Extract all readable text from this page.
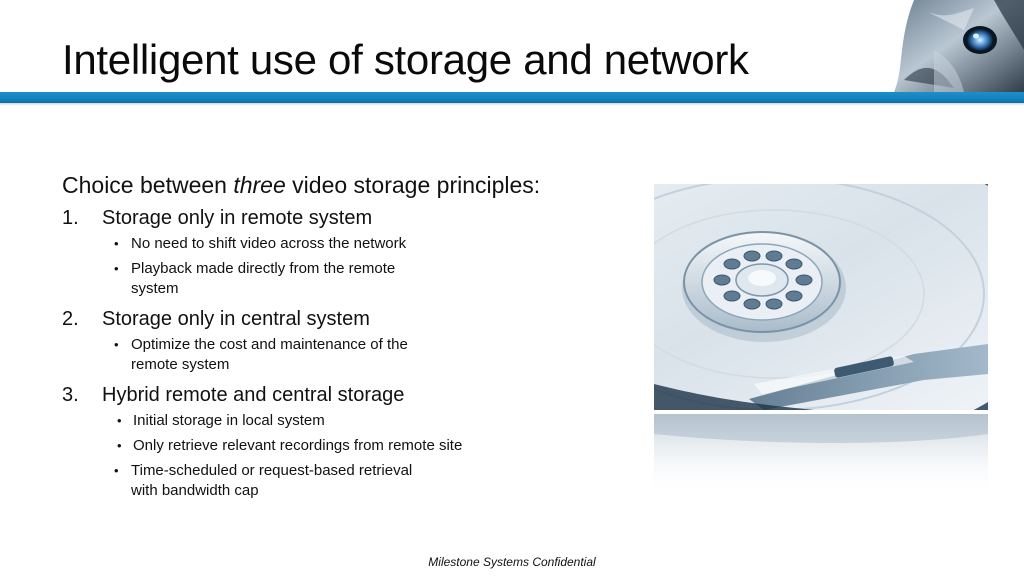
Intelligent use of storage and network

Choice between three video storage principles:

1.	Storage only in remote system
• No need to shift video across the network
• Playback made directly from the remote
system
2.	Storage only in central system
• Optimize the cost and maintenance of the
remote system
3.	Hybrid remote and central storage
• Initial storage in local system
• Only retrieve relevant recordings from remote site
• Time-scheduled or request-based retrieval
with bandwidth cap
Milestone Systems Confidential
